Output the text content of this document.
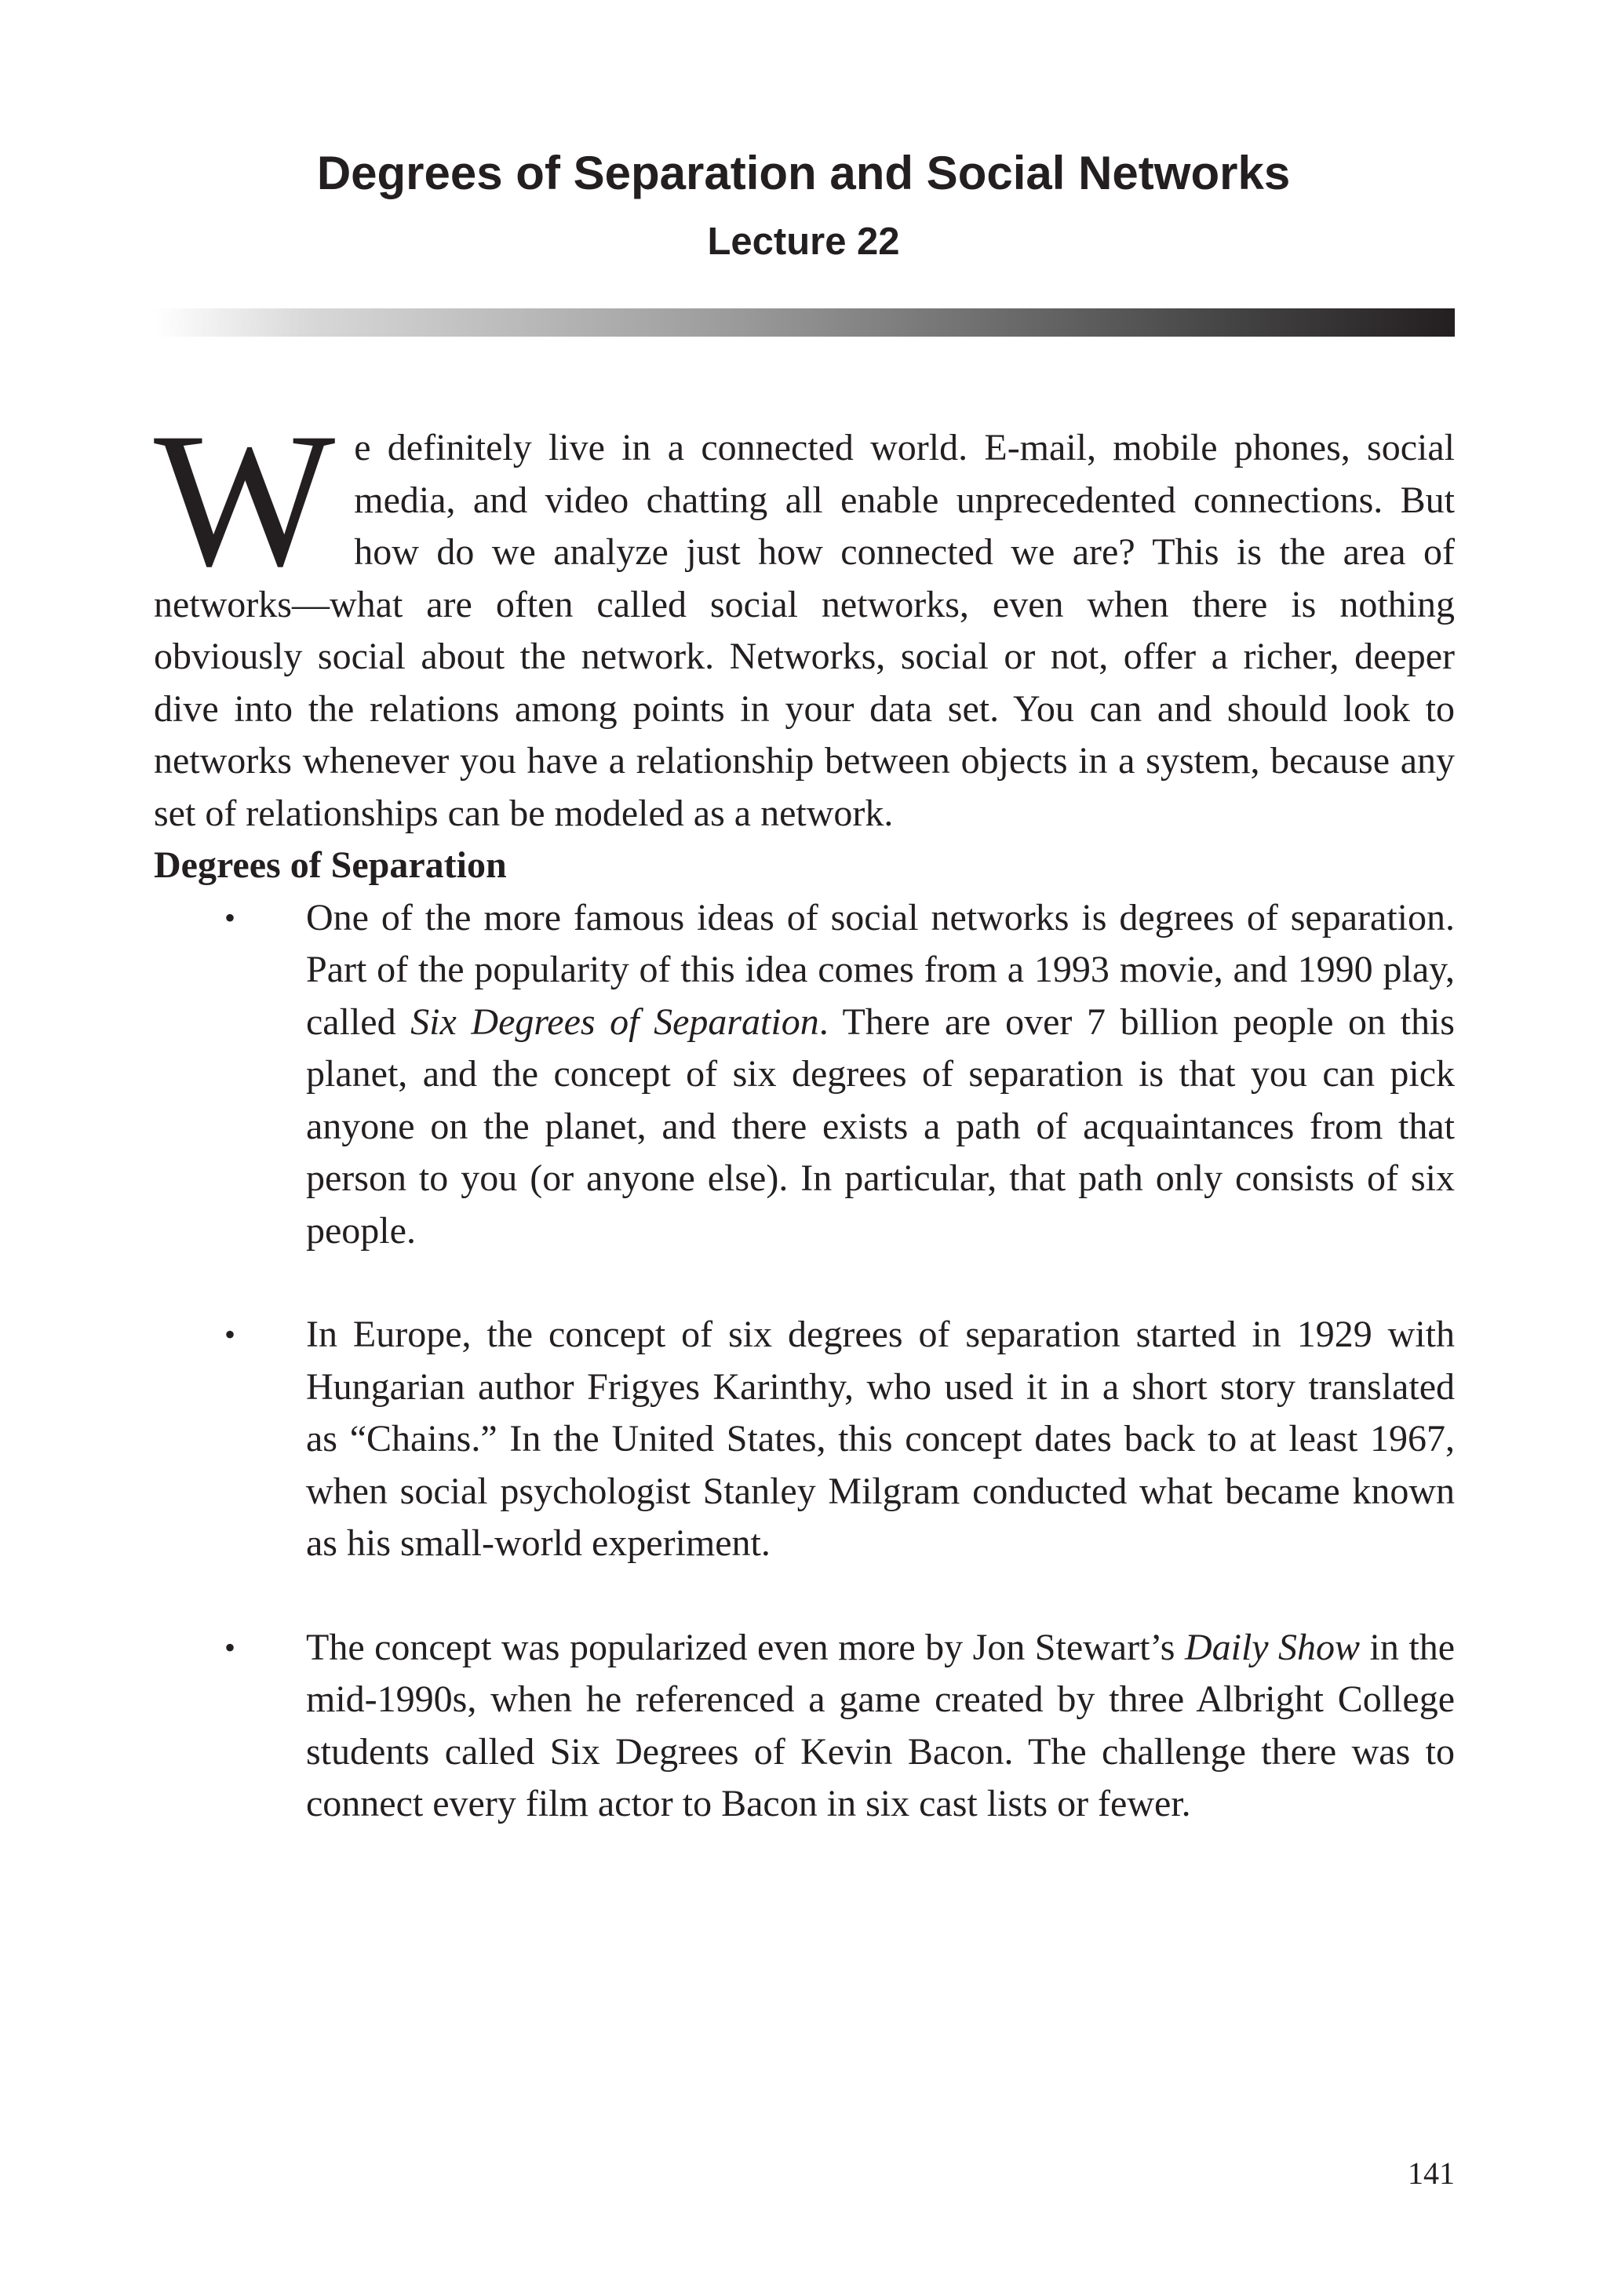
Degrees of Separation and Social Networks
Lecture 22

We definitely live in a connected world. E-mail, mobile phones, social media, and video chatting all enable unprecedented connections. But how do we analyze just how connected we are? This is the area of networks—what are often called social networks, even when there is nothing obviously social about the network. Networks, social or not, offer a richer, deeper dive into the relations among points in your data set. You can and should look to networks whenever you have a relationship between objects in a system, because any set of relationships can be modeled as a network.

Degrees of Separation

• One of the more famous ideas of social networks is degrees of separation. Part of the popularity of this idea comes from a 1993 movie, and 1990 play, called Six Degrees of Separation. There are over 7 billion people on this planet, and the concept of six degrees of separation is that you can pick anyone on the planet, and there exists a path of acquaintances from that person to you (or anyone else). In particular, that path only consists of six people.
• In Europe, the concept of six degrees of separation started in 1929 with Hungarian author Frigyes Karinthy, who used it in a short story translated as “Chains.” In the United States, this concept dates back to at least 1967, when social psychologist Stanley Milgram conducted what became known as his small-world experiment.
• The concept was popularized even more by Jon Stewart’s Daily Show in the mid-1990s, when he referenced a game created by three Albright College students called Six Degrees of Kevin Bacon. The challenge there was to connect every film actor to Bacon in six cast lists or fewer.
141
